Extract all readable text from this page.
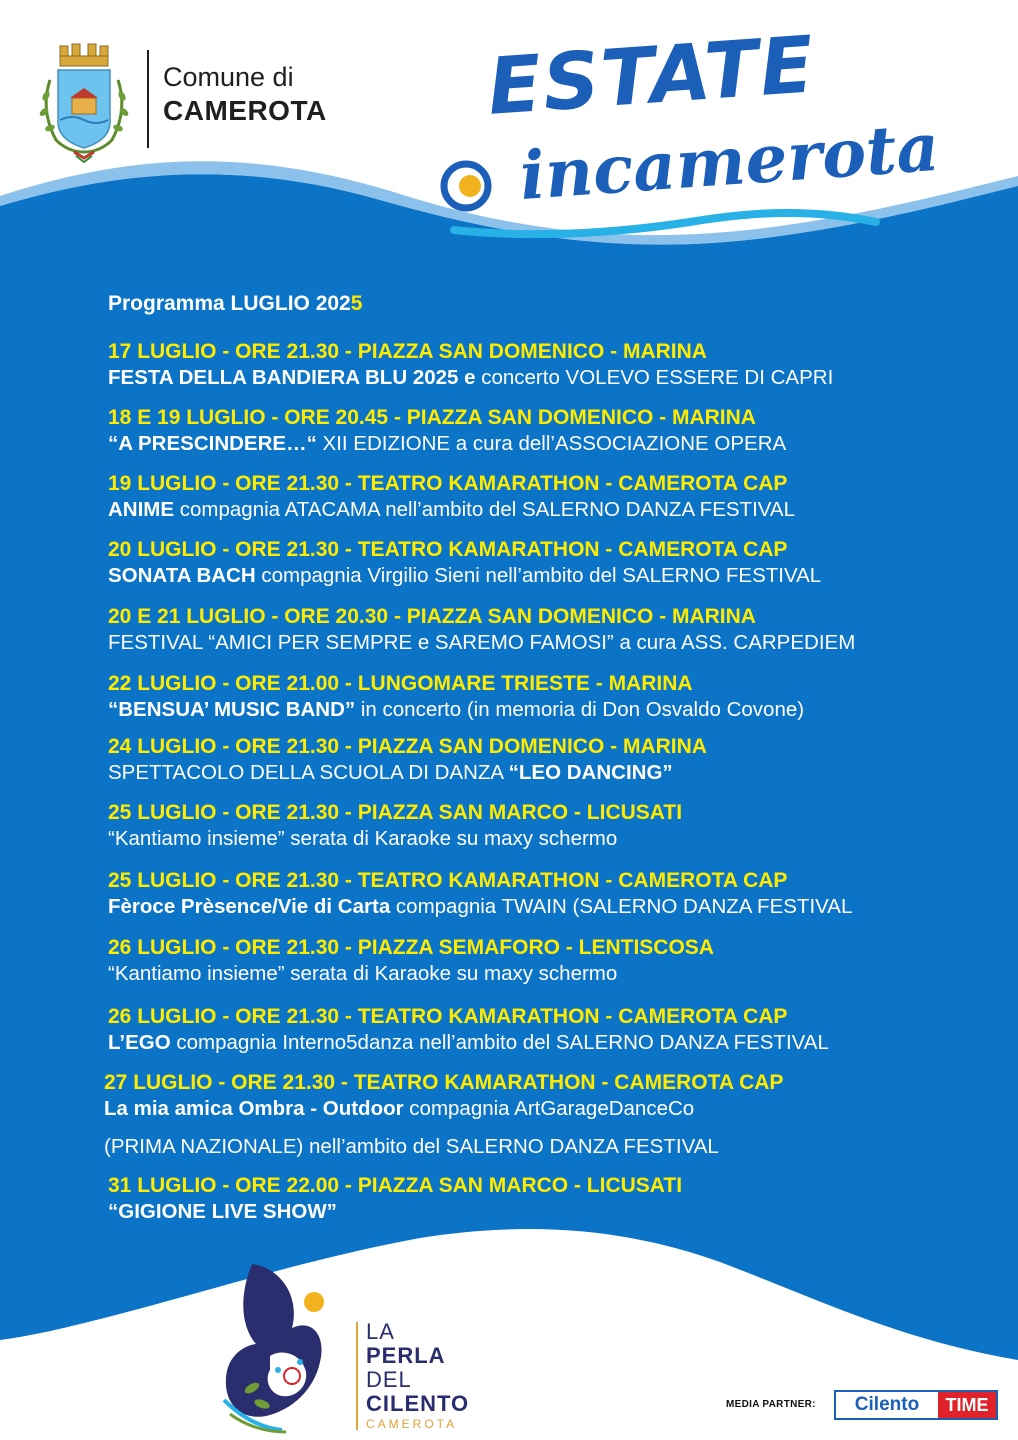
Comune di
CAMEROTA ESTATE
incamerota
Programma LUGLIO 2025
17 LUGLIO - ORE 21.30 - PIAZZA SAN DOMENICO - MARINA
FESTA DELLA BANDIERA BLU 2025 e concerto VOLEVO ESSERE DI CAPRI
18 E 19 LUGLIO - ORE 20.45 - PIAZZA SAN DOMENICO - MARINA
“A PRESCINDERE…“ XII EDIZIONE a cura dell’ASSOCIAZIONE OPERA
19 LUGLIO - ORE 21.30 - TEATRO KAMARATHON - CAMEROTA CAP
ANIME compagnia ATACAMA nell’ambito del SALERNO DANZA FESTIVAL
20 LUGLIO - ORE 21.30 - TEATRO KAMARATHON - CAMEROTA CAP
SONATA BACH compagnia Virgilio Sieni nell’ambito del SALERNO FESTIVAL
20 E 21 LUGLIO - ORE 20.30 - PIAZZA SAN DOMENICO - MARINA
FESTIVAL “AMICI PER SEMPRE e SAREMO FAMOSI” a cura ASS. CARPEDIEM
22 LUGLIO - ORE 21.00 - LUNGOMARE TRIESTE - MARINA
“BENSUA’ MUSIC BAND” in concerto (in memoria di Don Osvaldo Covone)
24 LUGLIO - ORE 21.30 - PIAZZA SAN DOMENICO - MARINA
SPETTACOLO DELLA SCUOLA DI DANZA “LEO DANCING”
25 LUGLIO - ORE 21.30 - PIAZZA SAN MARCO - LICUSATI
“Kantiamo insieme” serata di Karaoke su maxy schermo
25 LUGLIO - ORE 21.30 - TEATRO KAMARATHON - CAMEROTA CAP
Fèroce Prèsence/Vie di Carta compagnia TWAIN (SALERNO DANZA FESTIVAL
26 LUGLIO - ORE 21.30 - PIAZZA SEMAFORO - LENTISCOSA
“Kantiamo insieme” serata di Karaoke su maxy schermo
26 LUGLIO - ORE 21.30 - TEATRO KAMARATHON - CAMEROTA CAP
L’EGO compagnia Interno5danza nell’ambito del SALERNO DANZA FESTIVAL
27 LUGLIO - ORE 21.30 - TEATRO KAMARATHON - CAMEROTA CAP
La mia amica Ombra - Outdoor compagnia ArtGarageDanceCo
(PRIMA NAZIONALE) nell’ambito del SALERNO DANZA FESTIVAL
31 LUGLIO - ORE 22.00 - PIAZZA SAN MARCO - LICUSATI
“GIGIONE LIVE SHOW”
LA
PERLA
DEL
CILENTO
CAMEROTA
MEDIA PARTNER:	Cilento	TIME
